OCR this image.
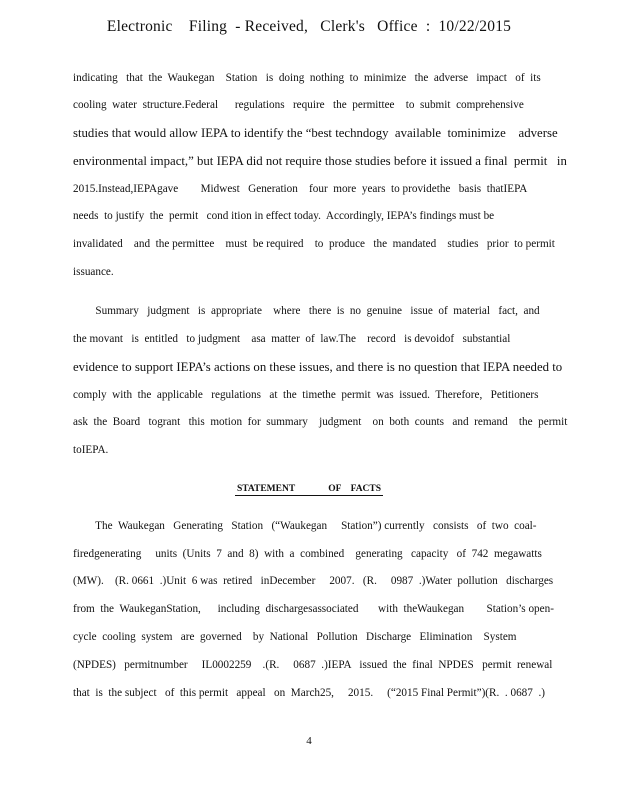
Electronic    Filing  - Received,   Clerk's   Office  :  10/22/2015
indicating   that  the  Waukegan    Station   is  doing  nothing  to  minimize   the  adverse   impact   of  its
cooling  water  structure.Federal      regulations   require   the  permittee    to  submit  comprehensive
studies that would allow IEPA to identify the “best techndogy  available  tominimize    adverse
environmental impact,” but IEPA did not require those studies before it issued a final  permit   in
2015.Instead,IEPAgave        Midwest   Generation    four  more  years  to providethe   basis  thatIEPA
needs  to justify  the  permit   cond ition in effect today.  Accordingly, IEPA’s findings must be
invalidated    and  the permittee    must  be required    to  produce   the  mandated    studies   prior  to permit
issuance.
Summary   judgment   is  appropriate    where   there  is  no  genuine   issue  of  material   fact,  and
the movant   is  entitled   to judgment    asa  matter  of  law.The    record   is devoidof   substantial
evidence to support IEPA’s actions on these issues, and there is no question that IEPA needed to
comply  with  the  applicable   regulations   at  the  timethe  permit  was  issued.  Therefore,   Petitioners
ask  the  Board   togrant   this  motion  for  summary    judgment    on  both  counts   and  remand    the  permit
toIEPA.
STATEMENT              OF    FACTS
The  Waukegan   Generating   Station   (“Waukegan     Station”) currently   consists   of  two  coal-
firedgenerating     units  (Units  7  and  8)  with  a  combined    generating   capacity   of  742  megawatts
(MW).    (R. 0661  .)Unit  6 was  retired   inDecember     2007.   (R.     0987  .)Water  pollution   discharges
from  the  WaukeganStation,      including  dischargesassociated       with  theWaukegan        Station’s open-
cycle  cooling  system   are  governed    by  National   Pollution   Discharge   Elimination    System
(NPDES)   permitnumber     IL0002259    .(R.     0687  .)IEPA   issued  the  final  NPDES   permit  renewal
that  is  the subject   of  this permit   appeal   on  March25,     2015.     (“2015 Final Permit”)(R.  . 0687  .)
4
